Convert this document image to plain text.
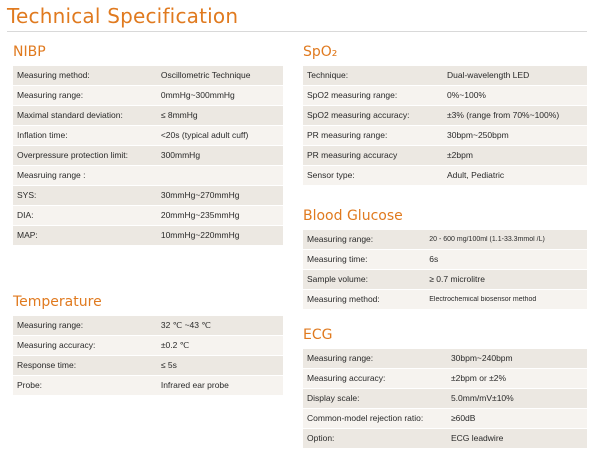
Technical Specification
NIBP
Measuring method:	Oscillometric Technique
Measuring range:	0mmHg~300mmHg
Maximal standard deviation:	≤ 8mmHg
Inflation time:	<20s (typical adult cuff)
Overpressure protection limit:	300mmHg
Measruing range :
SYS:	30mmHg~270mmHg
DIA:	20mmHg~235mmHg
MAP:	10mmHg~220mmHg
Temperature
Measuring range:	32 ℃ ~43 ℃
Measuring accuracy:	±0.2 ℃
Response time:	≤ 5s
Probe:	Infrared ear probe
SpO₂
Technique:	Dual-wavelength LED
SpO2 measuring range:	0%~100%
SpO2 measuring accuracy:	±3% (range from 70%~100%)
PR measuring range:	30bpm~250bpm
PR measuring accuracy	±2bpm
Sensor type:	Adult, Pediatric
Blood Glucose
Measuring range:	20 - 600 mg/100ml (1.1-33.3mmol /L)
Measuring time:	6s
Sample volume:	≥ 0.7 microlitre
Measuring method:	Electrochemical biosensor method
ECG
Measuring range:	30bpm~240bpm
Measuring accuracy:	±2bpm or ±2%
Display scale:	5.0mm/mV±10%
Common-model rejection ratio:	≥60dB
Option:	ECG leadwire
